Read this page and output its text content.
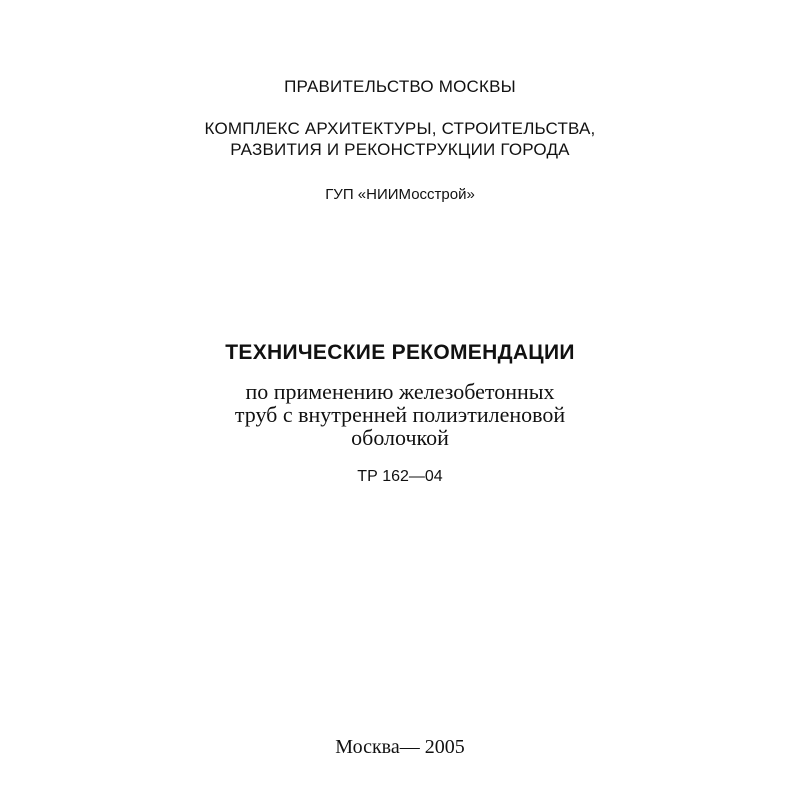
ПРАВИТЕЛЬСТВО МОСКВЫ
КОМПЛЕКС АРХИТЕКТУРЫ, СТРОИТЕЛЬСТВА,
РАЗВИТИЯ И РЕКОНСТРУКЦИИ ГОРОДА
ГУП «НИИМосстрой»
ТЕХНИЧЕСКИЕ РЕКОМЕНДАЦИИ
по применению железобетонных
труб с внутренней полиэтиленовой
оболочкой
ТР 162—04
Москва— 2005
